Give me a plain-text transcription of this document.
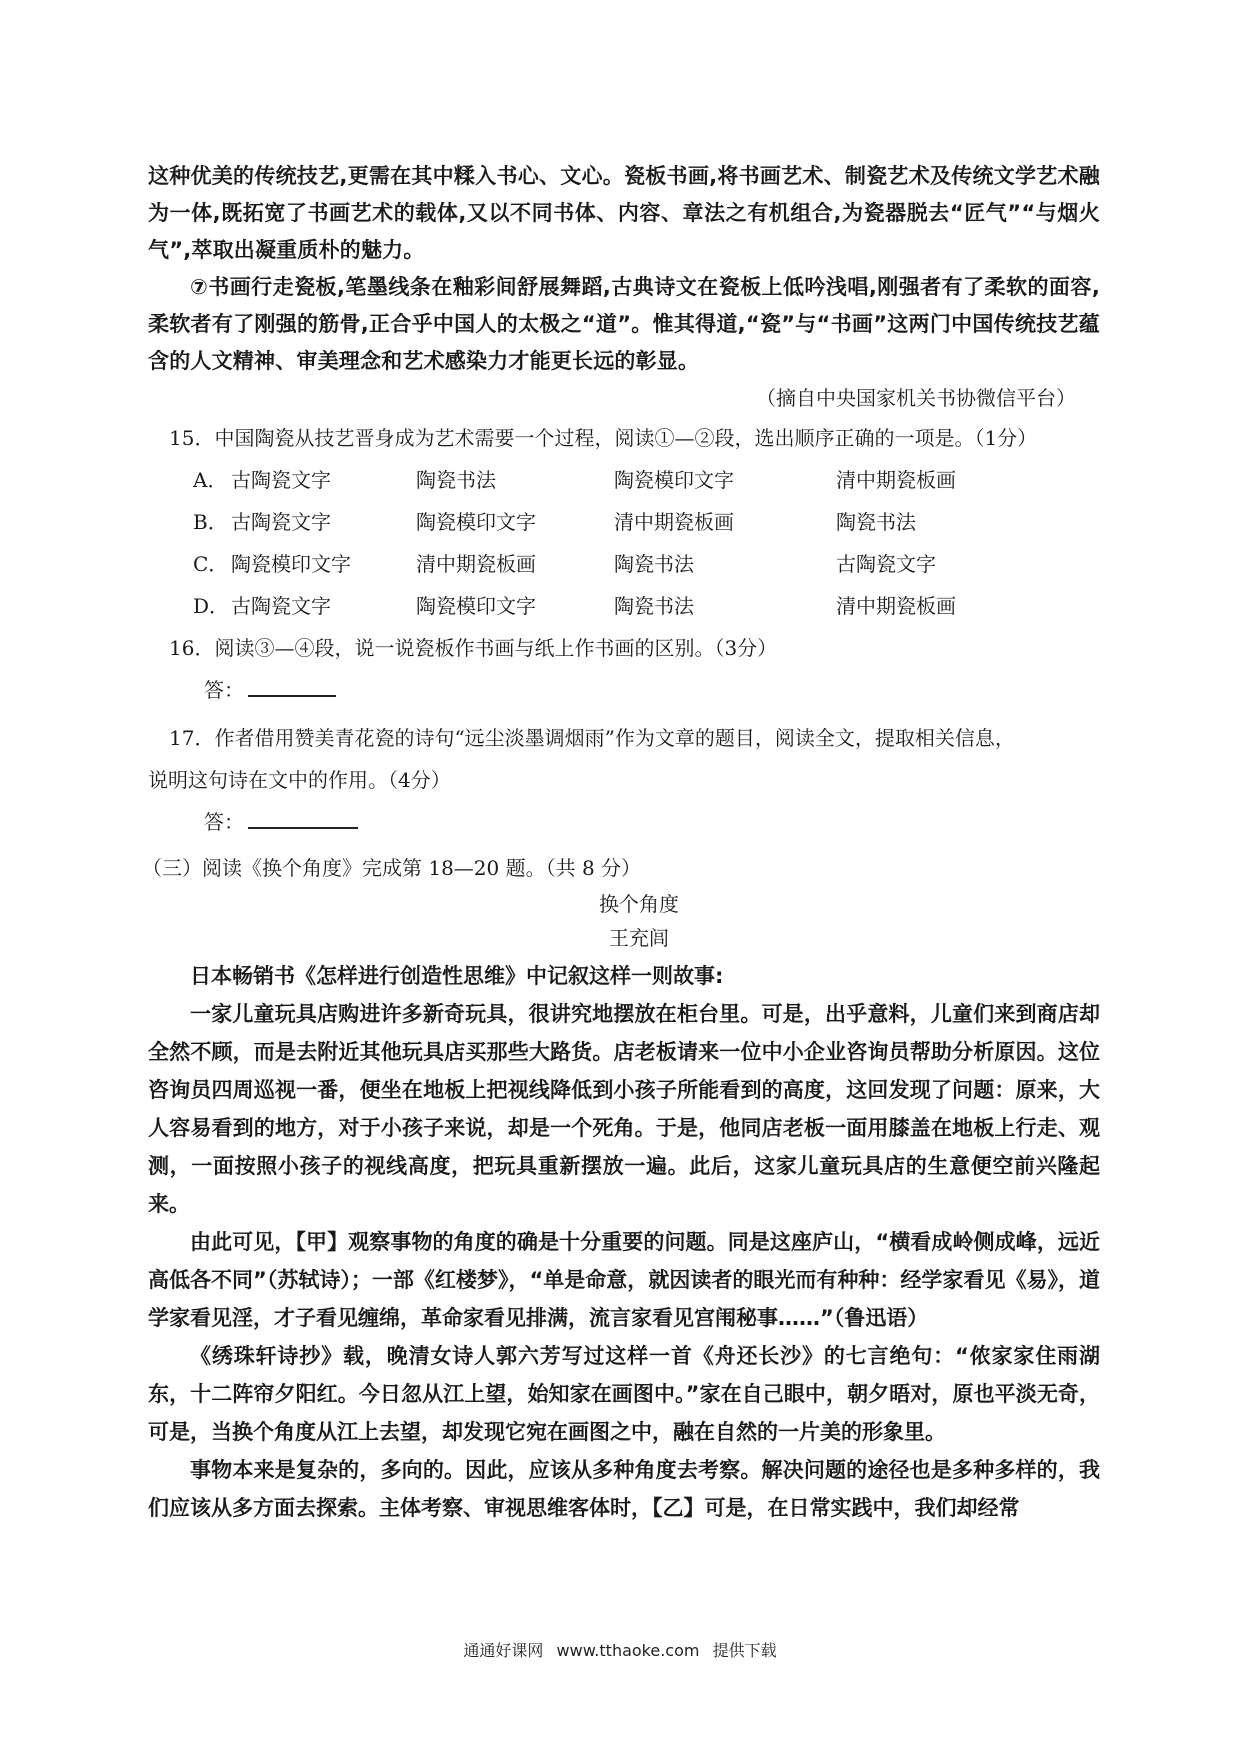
这种优美的传统技艺,更需在其中糅入书心、文心。瓷板书画,将书画艺术、制瓷艺术及传统文学艺术融为一体,既拓宽了书画艺术的载体,又以不同书体、内容、章法之有机组合,为瓷器脱去“匠气”“与烟火气”,萃取出凝重质朴的魅力。

⑦书画行走瓷板,笔墨线条在釉彩间舒展舞蹈,古典诗文在瓷板上低吟浅唱,刚强者有了柔软的面容,柔软者有了刚强的筋骨,正合乎中国人的太极之“道”。惟其得道,“瓷”与“书画”这两门中国传统技艺蕴含的人文精神、审美理念和艺术感染力才能更长远的彰显。

（摘自中央国家机关书协微信平台）

15．中国陶瓷从技艺晋身成为艺术需要一个过程，阅读①—②段，选出顺序正确的一项是。（1分）

A． 古陶瓷文字	陶瓷书法	陶瓷模印文字	清中期瓷板画
B． 古陶瓷文字	陶瓷模印文字	清中期瓷板画	陶瓷书法
C． 陶瓷模印文字	清中期瓷板画	陶瓷书法	古陶瓷文字
D． 古陶瓷文字	陶瓷模印文字	陶瓷书法	清中期瓷板画

16．阅读③—④段，说一说瓷板作书画与纸上作书画的区别。（3分）

答：

17．作者借用赞美青花瓷的诗句“远尘淡墨调烟雨”作为文章的题目，阅读全文，提取相关信息，
说明这句诗在文中的作用。（4分）

答：

（三）阅读《换个角度》完成第 18—20 题。（共 8 分）

换个角度

王充闾

日本畅销书《怎样进行创造性思维》中记叙这样一则故事:

一家儿童玩具店购进许多新奇玩具，很讲究地摆放在柜台里。可是，出乎意料，儿童们来到商店却全然不顾，而是去附近其他玩具店买那些大路货。店老板请来一位中小企业咨询员帮助分析原因。这位咨询员四周巡视一番，便坐在地板上把视线降低到小孩子所能看到的高度，这回发现了问题：原来，大人容易看到的地方，对于小孩子来说，却是一个死角。于是，他同店老板一面用膝盖在地板上行走、观测，一面按照小孩子的视线高度，把玩具重新摆放一遍。此后，这家儿童玩具店的生意便空前兴隆起来。

由此可见，【甲】观察事物的角度的确是十分重要的问题。同是这座庐山，“横看成岭侧成峰，远近高低各不同”（苏轼诗）；一部《红楼梦》，“单是命意，就因读者的眼光而有种种：经学家看见《易》，道学家看见淫，才子看见缠绵，革命家看见排满，流言家看见宫闱秘事……”（鲁迅语）

《绣珠轩诗抄》载，晚清女诗人郭六芳写过这样一首《舟还长沙》的七言绝句：“侬家家住雨湖东，十二阵帘夕阳红。今日忽从江上望，始知家在画图中。”家在自己眼中，朝夕晤对，原也平淡无奇，可是，当换个角度从江上去望，却发现它宛在画图之中，融在自然的一片美的形象里。

事物本来是复杂的，多向的。因此，应该从多种角度去考察。解决问题的途径也是多种多样的，我们应该从多方面去探索。主体考察、审视思维客体时，【乙】可是，在日常实践中，我们却经常

通通好课网 www.tthaoke.com 提供下载
